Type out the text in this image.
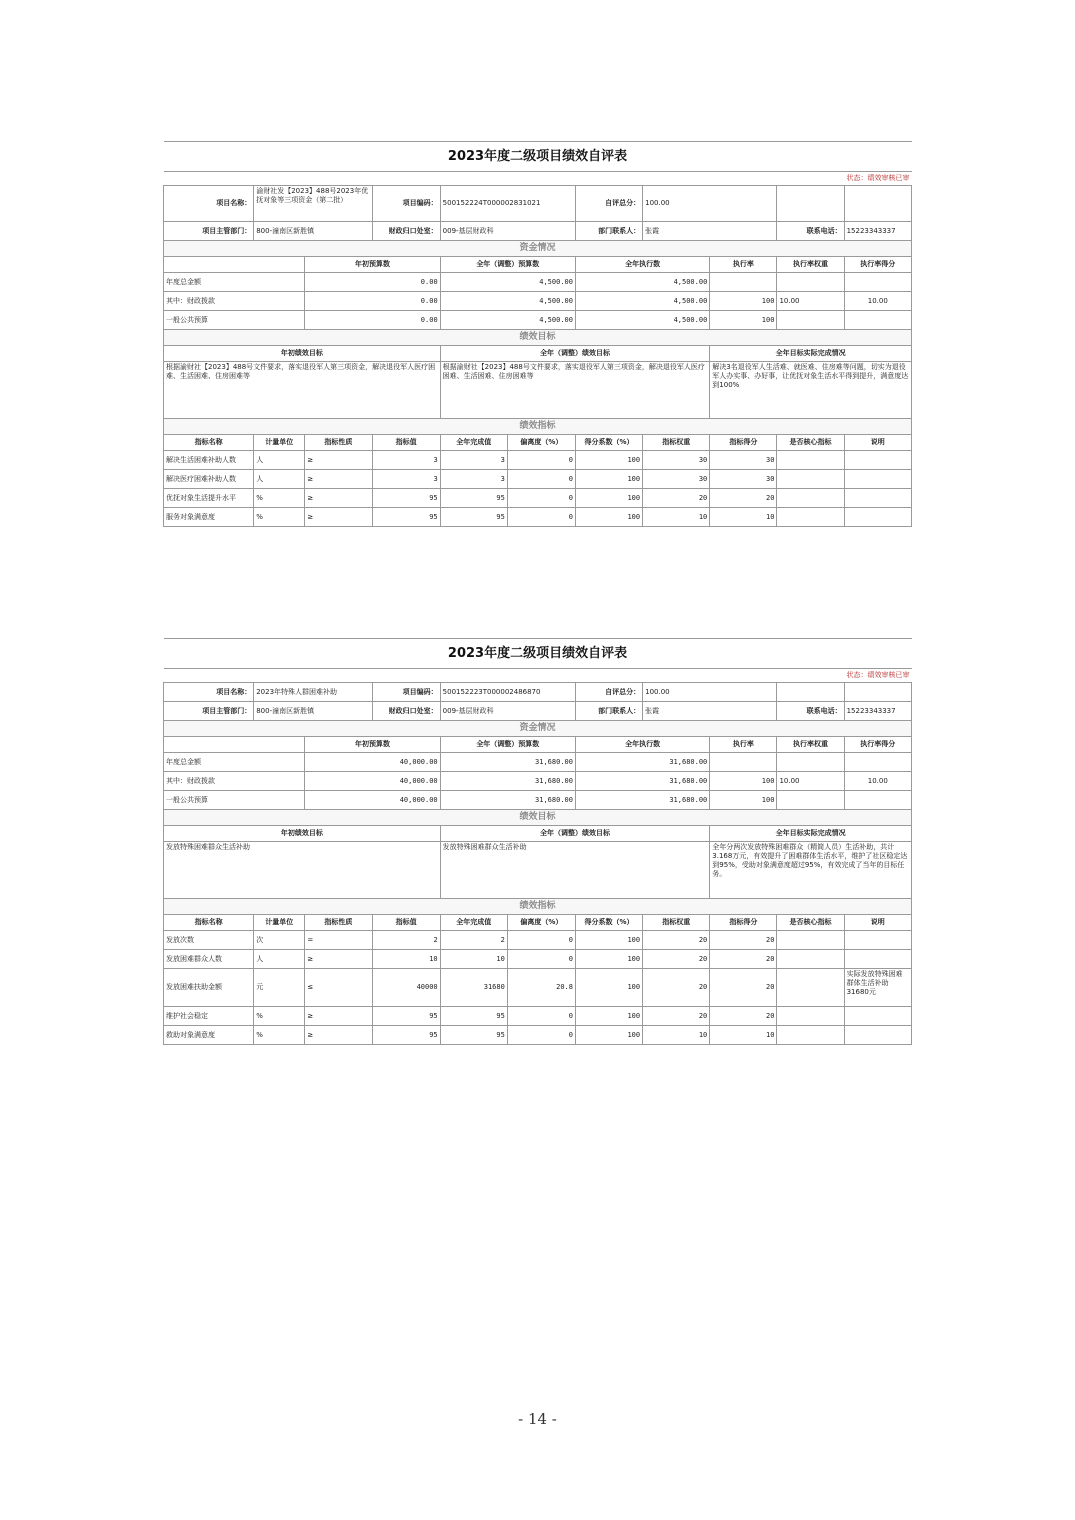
2023年度二级项目绩效自评表										
状态：绩效审核已审										
项目名称：	渝财社发【2023】488号2023年优抚对象等三项资金（第二批）		项目编码：	500152224T000002831021		自评总分：	100.00			
项目主管部门：	800-潼南区新胜镇		财政归口处室：	009-基层财政科		部门联系人：	张霞		联系电话：	15223343337
资金情况										
		年初预算数		全年（调整）预算数		全年执行数		执行率	执行率权重	执行率得分
年度总金额		0.00		4,500.00		4,500.00				
其中：财政拨款		0.00		4,500.00		4,500.00		100	10.00	10.00
一般公共预算		0.00		4,500.00		4,500.00		100		
绩效目标										
年初绩效目标				全年（调整）绩效目标				全年目标实际完成情况		
根据渝财社【2023】488号文件要求，落实退役军人第三项资金，解决退役军人医疗困难、生活困难、住房困难等				根据渝财社【2023】488号文件要求，落实退役军人第三项资金，解决退役军人医疗困难、生活困难、住房困难等				解决3名退役军人生活难、就医难、住房难等问题，切实为退役军人办实事、办好事，让优抚对象生活水平得到提升，满意度达到100%		
绩效指标										
指标名称	计量单位	指标性质	指标值	全年完成值	偏离度（%）	得分系数（%）	指标权重	指标得分	是否核心指标	说明
解决生活困难补助人数	人	≥	3	3	0	100	30	30		
解决医疗困难补助人数	人	≥	3	3	0	100	30	30		
优抚对象生活提升水平	%	≥	95	95	0	100	20	20		
服务对象满意度	%	≥	95	95	0	100	10	10		
2023年度二级项目绩效自评表										
状态：绩效审核已审										
项目名称：	2023年特殊人群困难补助		项目编码：	500152223T000002486870		自评总分：	100.00			
项目主管部门：	800-潼南区新胜镇		财政归口处室：	009-基层财政科		部门联系人：	张霞		联系电话：	15223343337
资金情况										
		年初预算数		全年（调整）预算数		全年执行数		执行率	执行率权重	执行率得分
年度总金额		40,000.00		31,680.00		31,680.00				
其中：财政拨款		40,000.00		31,680.00		31,680.00		100	10.00	10.00
一般公共预算		40,000.00		31,680.00		31,680.00		100		
绩效目标										
年初绩效目标				全年（调整）绩效目标				全年目标实际完成情况		
发放特殊困难群众生活补助				发放特殊困难群众生活补助				全年分两次发放特殊困难群众（精简人员）生活补助，共计3.168万元，有效提升了困难群体生活水平，维护了社区稳定达到95%，受助对象满意度超过95%，有效完成了当年的目标任务。		
绩效指标										
指标名称	计量单位	指标性质	指标值	全年完成值	偏离度（%）	得分系数（%）	指标权重	指标得分	是否核心指标	说明
发放次数	次	=	2	2	0	100	20	20		
发放困难群众人数	人	≥	10	10	0	100	20	20		
发放困难扶助金额	元	≤	40000	31680	20.8	100	20	20		实际发放特殊困难群体生活补助31680元
维护社会稳定	%	≥	95	95	0	100	20	20		
救助对象满意度	%	≥	95	95	0	100	10	10		
- 14 -
